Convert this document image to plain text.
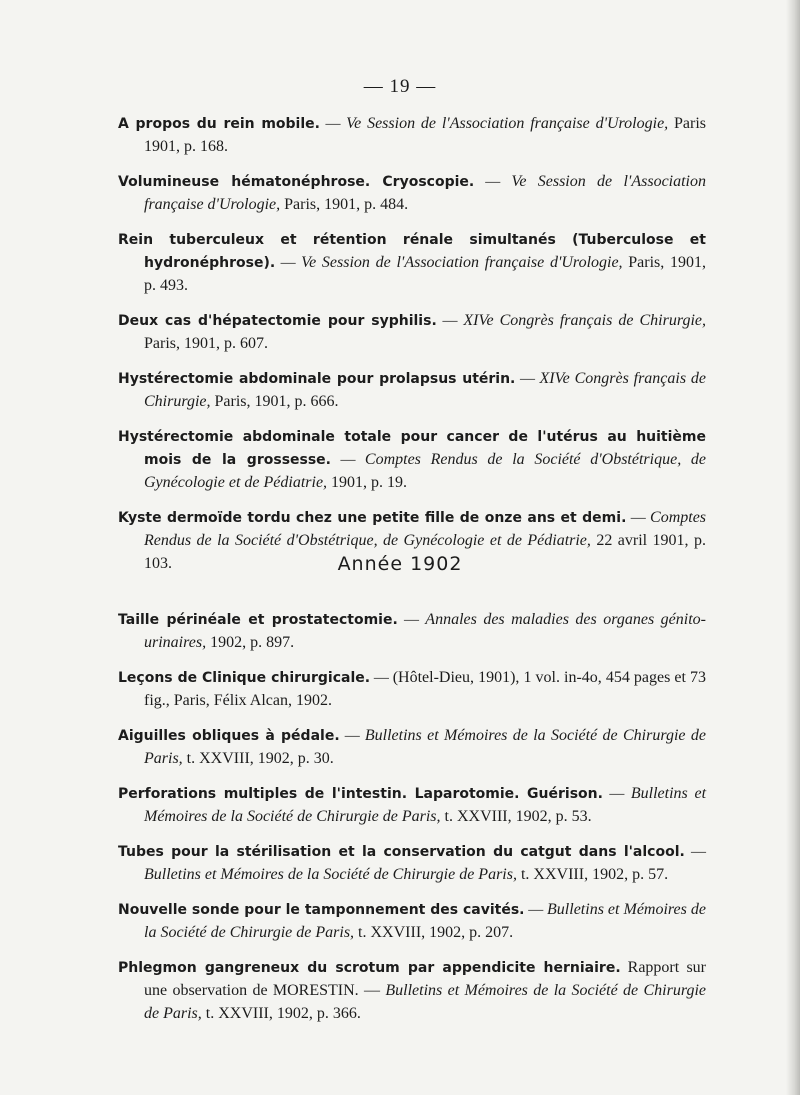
— 19 —

A propos du rein mobile. — Ve Session de l'Association française d'Urologie, Paris 1901, p. 168.

Volumineuse hématonéphrose. Cryoscopie. — Ve Session de l'Association française d'Urologie, Paris, 1901, p. 484.

Rein tuberculeux et rétention rénale simultanés (Tuberculose et hydronéphrose). — Ve Session de l'Association française d'Urologie, Paris, 1901, p. 493.

Deux cas d'hépatectomie pour syphilis. — XIVe Congrès français de Chirurgie, Paris, 1901, p. 607.

Hystérectomie abdominale pour prolapsus utérin. — XIVe Congrès français de Chirurgie, Paris, 1901, p. 666.

Hystérectomie abdominale totale pour cancer de l'utérus au huitième mois de la grossesse. — Comptes Rendus de la Société d'Obstétrique, de Gynécologie et de Pédiatrie, 1901, p. 19.

Kyste dermoïde tordu chez une petite fille de onze ans et demi. — Comptes Rendus de la Société d'Obstétrique, de Gynécologie et de Pédiatrie, 22 avril 1901, p. 103.	Année 1902

Taille périnéale et prostatectomie. — Annales des maladies des organes génito-urinaires, 1902, p. 897.

Leçons de Clinique chirurgicale. — (Hôtel-Dieu, 1901), 1 vol. in-4o, 454 pages et 73 fig., Paris, Félix Alcan, 1902.

Aiguilles obliques à pédale. — Bulletins et Mémoires de la Société de Chirurgie de Paris, t. XXVIII, 1902, p. 30.

Perforations multiples de l'intestin. Laparotomie. Guérison. — Bulletins et Mémoires de la Société de Chirurgie de Paris, t. XXVIII, 1902, p. 53.

Tubes pour la stérilisation et la conservation du catgut dans l'alcool. — Bulletins et Mémoires de la Société de Chirurgie de Paris, t. XXVIII, 1902, p. 57.

Nouvelle sonde pour le tamponnement des cavités. — Bulletins et Mémoires de la Société de Chirurgie de Paris, t. XXVIII, 1902, p. 207.

Phlegmon gangreneux du scrotum par appendicite herniaire. Rapport sur une observation de MORESTIN. — Bulletins et Mémoires de la Société de Chirurgie de Paris, t. XXVIII, 1902, p. 366.
